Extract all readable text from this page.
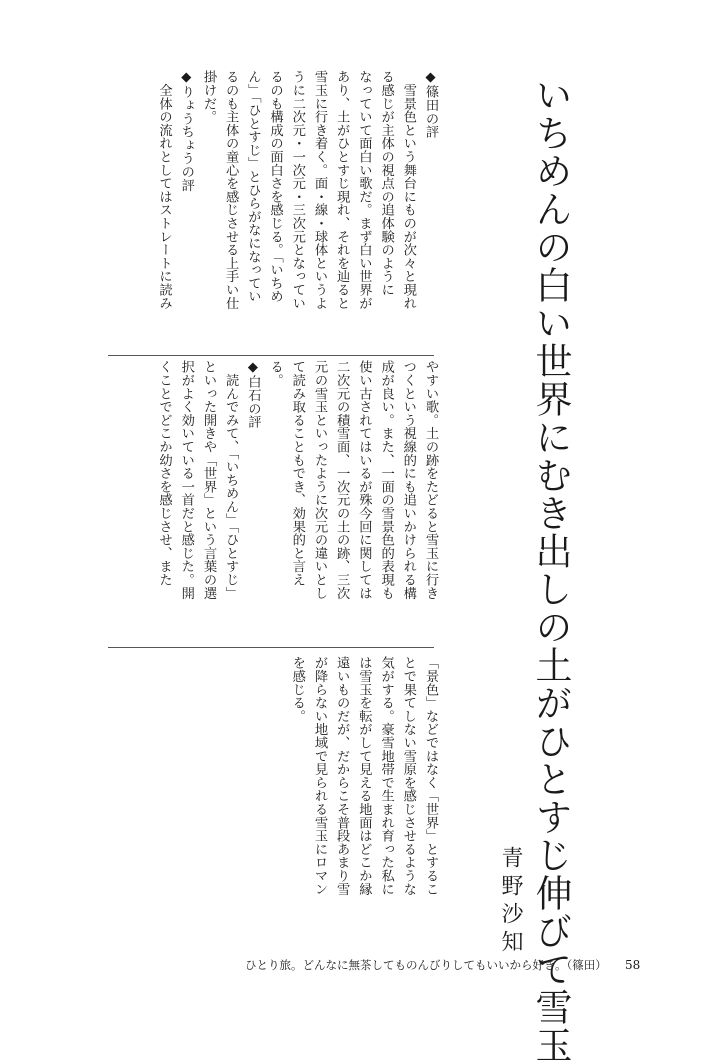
いちめんの白い世界にむき出しの土がひとすじ伸びて雪玉
青野沙知
◆篠田の評
　雪景色という舞台にものが次々と現れ
る感じが主体の視点の追体験のように
なっていて面白い歌だ。まず白い世界が
あり、土がひとすじ現れ、それを辿ると
雪玉に行き着く。面・線・球体というよ
うに二次元・一次元・三次元となってい
るのも構成の面白さを感じる。「いちめ
ん」「ひとすじ」とひらがなになってい
るのも主体の童心を感じさせる上手い仕
掛けだ。
◆りょうちょうの評
　全体の流れとしてはストレートに読み
やすい歌。土の跡をたどると雪玉に行き
つくという視線的にも追いかけられる構
成が良い。また、一面の雪景色的表現も
使い古されてはいるが殊今回に関しては
二次元の積雪面、一次元の土の跡、三次
元の雪玉といったように次元の違いとし
て読み取ることもでき、効果的と言え
る。
◆白石の評
　読んでみて、「いちめん」「ひとすじ」
といった開きや「世界」という言葉の選
択がよく効いている一首だと感じた。開
くことでどこか幼さを感じさせ、また
「景色」などではなく「世界」とするこ
とで果てしない雪原を感じさせるような
気がする。豪雪地帯で生まれ育った私に
は雪玉を転がして見える地面はどこか縁
遠いものだが、だからこそ普段あまり雪
が降らない地域で見られる雪玉にロマン
を感じる。
ひとり旅。どんなに無茶してものんびりしてもいいから好き。（篠田） 58
